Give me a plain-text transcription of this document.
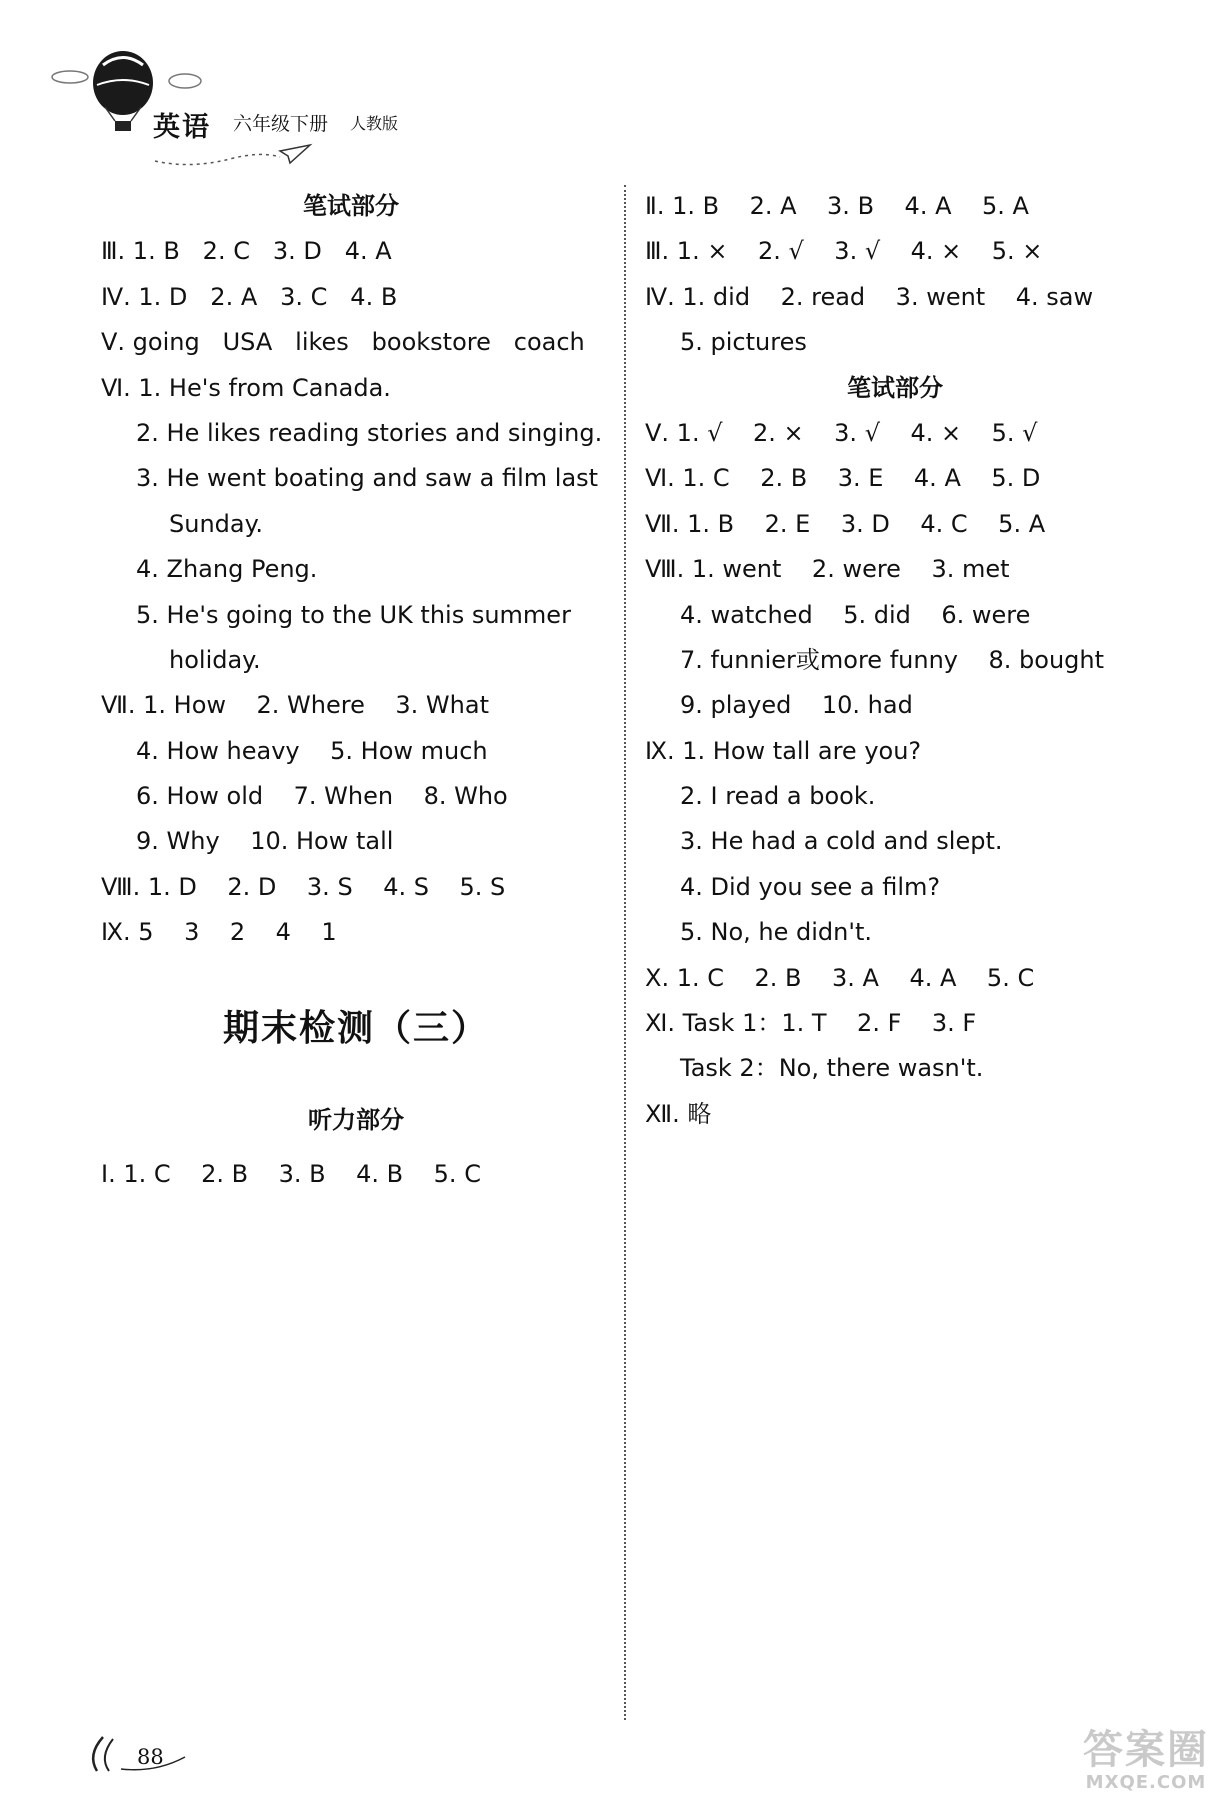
英语 六年级下册 人教版
笔试部分
Ⅲ. 1. B   2. C   3. D   4. A
Ⅳ. 1. D   2. A   3. C   4. B
Ⅴ. going   USA   likes   bookstore   coach
Ⅵ. 1. He's from Canada.
2. He likes reading stories and singing.
3. He went boating and saw a film last
Sunday.
4. Zhang Peng.
5. He's going to the UK this summer
holiday.
Ⅶ. 1. How    2. Where    3. What
4. How heavy    5. How much
6. How old    7. When    8. Who
9. Why    10. How tall
Ⅷ. 1. D    2. D    3. S    4. S    5. S
Ⅸ. 5    3    2    4    1
期末检测（三）
听力部分
Ⅰ. 1. C    2. B    3. B    4. B    5. C
Ⅱ. 1. B    2. A    3. B    4. A    5. A
Ⅲ. 1. ×    2. √    3. √    4. ×    5. ×
Ⅳ. 1. did    2. read    3. went    4. saw
5. pictures
笔试部分
Ⅴ. 1. √    2. ×    3. √    4. ×    5. √
Ⅵ. 1. C    2. B    3. E    4. A    5. D
Ⅶ. 1. B    2. E    3. D    4. C    5. A
Ⅷ. 1. went    2. were    3. met
4. watched    5. did    6. were
7. funnier或more funny    8. bought
9. played    10. had
Ⅸ. 1. How tall are you?
2. I read a book.
3. He had a cold and slept.
4. Did you see a film?
5. No, he didn't.
Ⅹ. 1. C    2. B    3. A    4. A    5. C
Ⅺ. Task 1：1. T    2. F    3. F
Task 2：No, there wasn't.
Ⅻ. 略
88	答案圈
MXQE.COM
